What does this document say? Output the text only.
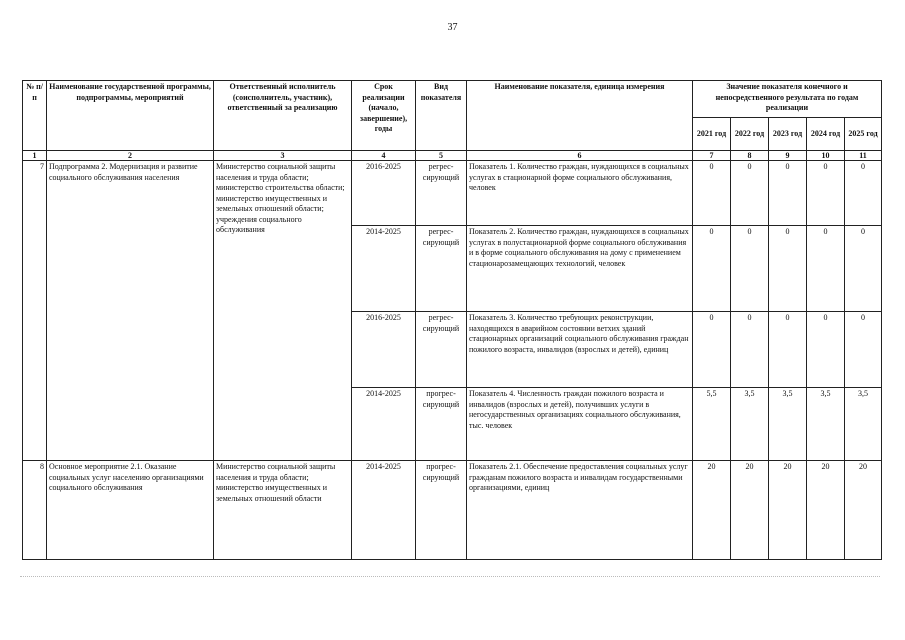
37
№ п/п	Наименование государственной программы, подпрограммы, мероприятий	Ответственный исполнитель (соисполнитель, участник), ответственный за реализацию	Срок реализации (начало, завершение), годы	Вид показателя	Наименование показателя, единица измерения	Значение показателя конечного и непосредственного результата по годам реализации				
						2021 год	2022 год	2023 год	2024 год	2025 год
1	2	3	4	5	6	7	8	9	10	11
7	Подпрограмма 2. Модернизация и развитие социального обслуживания населения	Министерство социальной защиты населения и труда области; министерство строительства области; министерство имущественных и земельных отношений области; учреждения социального обслуживания	2016-2025	регрес-сирующий	Показатель 1. Количество граждан, нуждающихся в социальных услугах в стационарной форме социального обслуживания, человек	0	0	0	0	0
			2014-2025	регрес-сирующий	Показатель 2. Количество граждан, нуждающихся в социальных услугах в полустационарной форме социального обслуживания и в форме социального обслуживания на дому с применением стационарозамещающих технологий, человек	0	0	0	0	0
			2016-2025	регрес-сирующий	Показатель 3. Количество требующих реконструкции, находящихся в аварийном состоянии ветхих зданий стационарных организаций социального обслуживания граждан пожилого возраста, инвалидов (взрослых и детей), единиц	0	0	0	0	0
			2014-2025	прогрес-сирующий	Показатель 4. Численность граждан пожилого возраста и инвалидов (взрослых и детей), получивших услуги в негосударственных организациях социального обслуживания, тыс. человек	5,5	3,5	3,5	3,5	3,5
8	Основное мероприятие 2.1. Оказание социальных услуг населению организациями социального обслуживания	Министерство социальной защиты населения и труда области; министерство имущественных и земельных отношений области	2014-2025	прогрес-сирующий	Показатель 2.1. Обеспечение предоставления социальных услуг гражданам пожилого возраста и инвалидам государственными организациями, единиц	20	20	20	20	20
